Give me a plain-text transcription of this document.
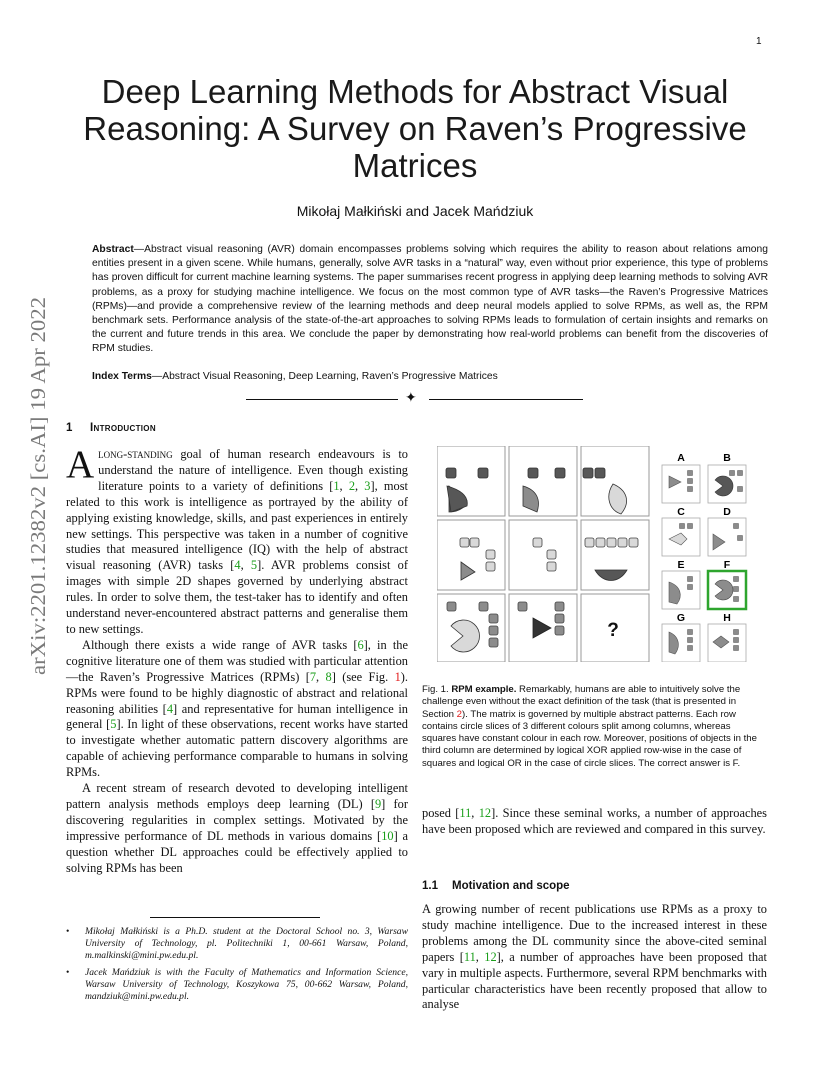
1
arXiv:2201.12382v2 [cs.AI] 19 Apr 2022
Deep Learning Methods for Abstract Visual Reasoning: A Survey on Raven’s Progressive Matrices
Mikołaj Małkiński and Jacek Mańdziuk
Abstract—Abstract visual reasoning (AVR) domain encompasses problems solving which requires the ability to reason about relations among entities present in a given scene. While humans, generally, solve AVR tasks in a “natural” way, even without prior experience, this type of problems has proven difficult for current machine learning systems. The paper summarises recent progress in applying deep learning methods to solving AVR problems, as a proxy for studying machine intelligence. We focus on the most common type of AVR tasks—the Raven’s Progressive Matrices (RPMs)—and provide a comprehensive review of the learning methods and deep neural models applied to solve RPMs, as well as, the RPM benchmark sets. Performance analysis of the state-of-the-art approaches to solving RPMs leads to formulation of certain insights and remarks on the current and future trends in this area. We conclude the paper by demonstrating how real-world problems can benefit from the discoveries of RPM studies.
Index Terms—Abstract Visual Reasoning, Deep Learning, Raven’s Progressive Matrices
✦
1 Introduction

Along-standing goal of human research endeavours is to understand the nature of intelligence. Even though existing literature points to a variety of definitions [1, 2, 3], most related to this work is intelligence as portrayed by the ability of applying existing knowledge, skills, and past experiences in entirely new settings. This perspective was taken in a number of cognitive studies that measured intelligence (IQ) with the help of abstract visual reasoning (AVR) tasks [4, 5]. AVR problems consist of images with simple 2D shapes governed by underlying abstract rules. In order to solve them, the test-taker has to identify and often understand never-encountered abstract patterns and generalise them to new settings.

Although there exists a wide range of AVR tasks [6], in the cognitive literature one of them was studied with particular attention—the Raven’s Progressive Matrices (RPMs) [7, 8] (see Fig. 1). RPMs were found to be highly diagnostic of abstract and relational reasoning abilities [4] and representative for human intelligence in general [5]. In light of these observations, recent works have started to investigate whether automatic pattern discovery algorithms are capable of achieving performance comparable to humans in solving RPMs.

A recent stream of research devoted to developing intelligent pattern analysis methods employs deep learning (DL) [9] for discovering regularities in complex settings. Motivated by the impressive performance of DL methods in various domains [10] a question whether DL approaches could be effectively applied to solving RPMs has been

• Mikołaj Małkiński is a Ph.D. student at the Doctoral School no. 3, Warsaw University of Technology, pl. Politechniki 1, 00-661 Warsaw, Poland, m.malkinski@mini.pw.edu.pl.
• Jacek Mańdziuk is with the Faculty of Mathematics and Information Science, Warsaw University of Technology, Koszykowa 75, 00-662 Warsaw, Poland, mandziuk@mini.pw.edu.pl.
?
A	B
C	D
E	F
G	H
Fig. 1. RPM example. Remarkably, humans are able to intuitively solve the challenge even without the exact definition of the task (that is presented in Section 2). The matrix is governed by multiple abstract patterns. Each row contains circle slices of 3 different colours split among columns, whereas squares have constant colour in each row. Moreover, positions of objects in the third column are determined by logical XOR applied row-wise in the case of squares and logical OR in the case of circle slices. The correct answer is F.
posed [11, 12]. Since these seminal works, a number of approaches have been proposed which are reviewed and compared in this survey.
1.1 Motivation and scope
A growing number of recent publications use RPMs as a proxy to study machine intelligence. Due to the increased interest in these problems among the DL community since the above-cited seminal papers [11, 12], a number of approaches have been proposed that vary in multiple aspects. Furthermore, several RPM benchmarks with particular characteristics have been recently proposed that allow to analyse
